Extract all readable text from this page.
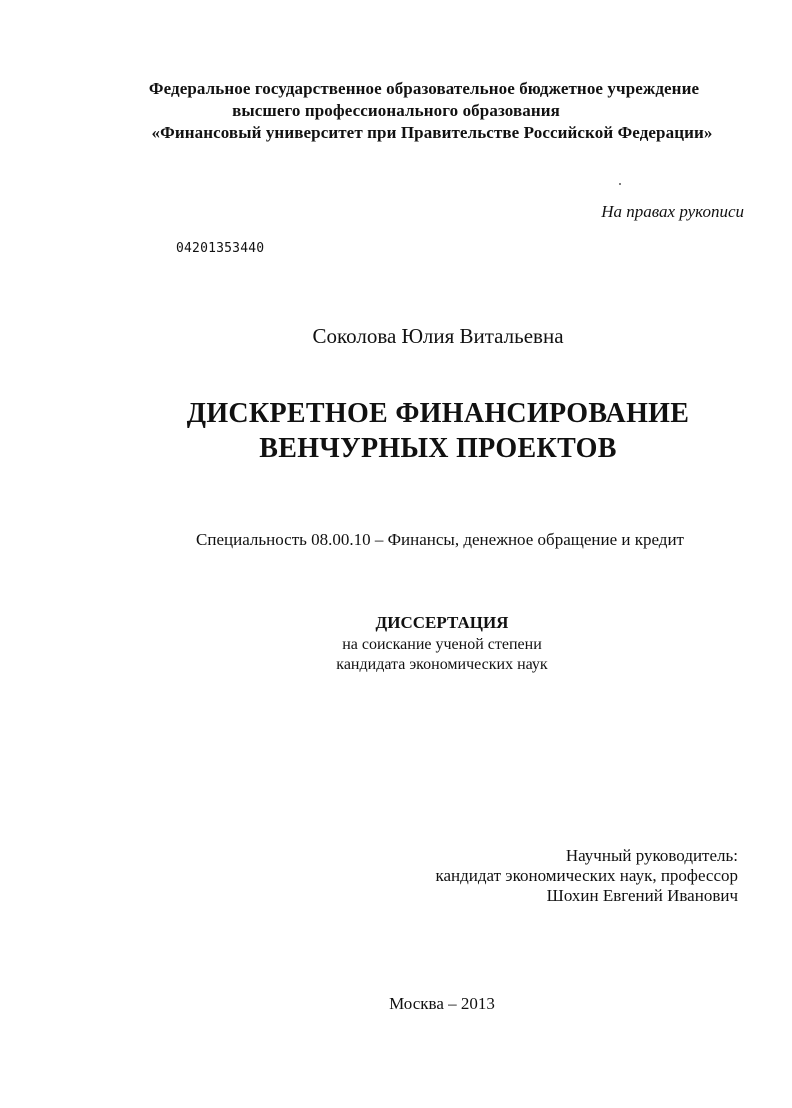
Федеральное государственное образовательное бюджетное учреждение
высшего профессионального образования
«Финансовый университет при Правительстве Российской Федерации»
На правах рукописи
04201353440
Соколова Юлия Витальевна
ДИСКРЕТНОЕ ФИНАНСИРОВАНИЕ
ВЕНЧУРНЫХ ПРОЕКТОВ
Специальность 08.00.10 – Финансы, денежное обращение и кредит
ДИССЕРТАЦИЯ
на соискание ученой степени
кандидата экономических наук
Научный руководитель:
кандидат экономических наук, профессор
Шохин Евгений Иванович
Москва – 2013
